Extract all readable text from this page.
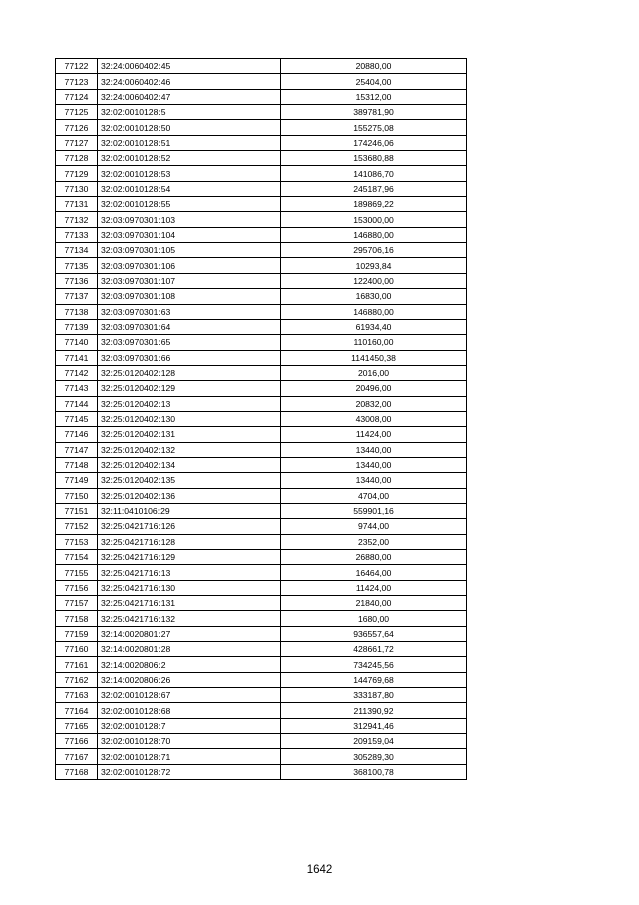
77122	32:24:0060402:45	20880,00
77123	32:24:0060402:46	25404,00
77124	32:24:0060402:47	15312,00
77125	32:02:0010128:5	389781,90
77126	32:02:0010128:50	155275,08
77127	32:02:0010128:51	174246,06
77128	32:02:0010128:52	153680,88
77129	32:02:0010128:53	141086,70
77130	32:02:0010128:54	245187,96
77131	32:02:0010128:55	189869,22
77132	32:03:0970301:103	153000,00
77133	32:03:0970301:104	146880,00
77134	32:03:0970301:105	295706,16
77135	32:03:0970301:106	10293,84
77136	32:03:0970301:107	122400,00
77137	32:03:0970301:108	16830,00
77138	32:03:0970301:63	146880,00
77139	32:03:0970301:64	61934,40
77140	32:03:0970301:65	110160,00
77141	32:03:0970301:66	1141450,38
77142	32:25:0120402:128	2016,00
77143	32:25:0120402:129	20496,00
77144	32:25:0120402:13	20832,00
77145	32:25:0120402:130	43008,00
77146	32:25:0120402:131	11424,00
77147	32:25:0120402:132	13440,00
77148	32:25:0120402:134	13440,00
77149	32:25:0120402:135	13440,00
77150	32:25:0120402:136	4704,00
77151	32:11:0410106:29	559901,16
77152	32:25:0421716:126	9744,00
77153	32:25:0421716:128	2352,00
77154	32:25:0421716:129	26880,00
77155	32:25:0421716:13	16464,00
77156	32:25:0421716:130	11424,00
77157	32:25:0421716:131	21840,00
77158	32:25:0421716:132	1680,00
77159	32:14:0020801:27	936557,64
77160	32:14:0020801:28	428661,72
77161	32:14:0020806:2	734245,56
77162	32:14:0020806:26	144769,68
77163	32:02:0010128:67	333187,80
77164	32:02:0010128:68	211390,92
77165	32:02:0010128:7	312941,46
77166	32:02:0010128:70	209159,04
77167	32:02:0010128:71	305289,30
77168	32:02:0010128:72	368100,78
1642
